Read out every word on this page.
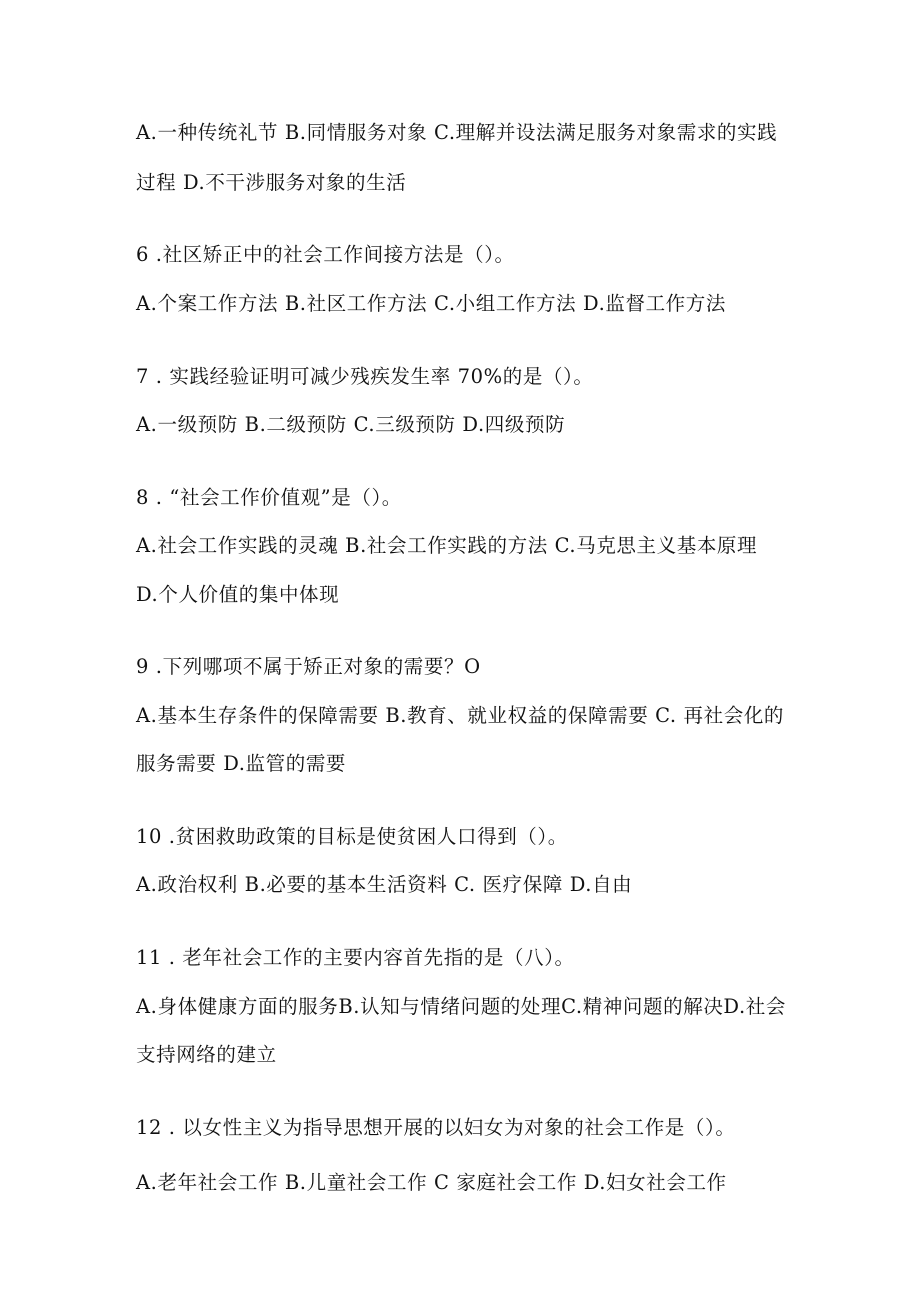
A.一种传统礼节 B.同情服务对象 C.理解并设法满足服务对象需求的实践
过程 D.不干涉服务对象的生活
6 .社区矫正中的社会工作间接方法是（）。
A.个案工作方法 B.社区工作方法 C.小组工作方法 D.监督工作方法
7 . 实践经验证明可减少残疾发生率 70%的是（）。
A.一级预防 B.二级预防 C.三级预防 D.四级预防
8 . “社会工作价值观”是（）。
A.社会工作实践的灵魂 B.社会工作实践的方法 C.马克思主义基本原理
D.个人价值的集中体现
9 .下列哪项不属于矫正对象的需要？O
A.基本生存条件的保障需要 B.教育、就业权益的保障需要 C. 再社会化的
服务需要 D.监管的需要
10 .贫困救助政策的目标是使贫困人口得到（）。
A.政治权利 B.必要的基本生活资料 C. 医疗保障 D.自由
11 . 老年社会工作的主要内容首先指的是（八）。
A.身体健康方面的服务B.认知与情绪问题的处理C.精神问题的解决D.社会
支持网络的建立
12 . 以女性主义为指导思想开展的以妇女为对象的社会工作是（）。
A.老年社会工作 B.儿童社会工作 C 家庭社会工作 D.妇女社会工作
